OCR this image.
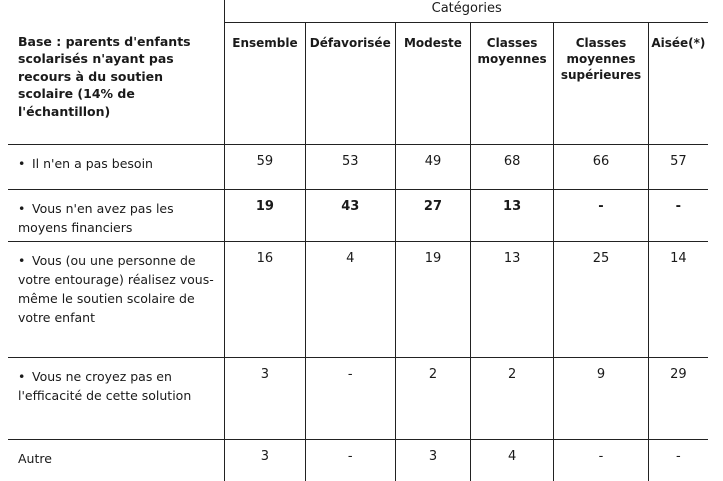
	Catégories					
Base : parents d'enfants scolarisés n'ayant pas recours à du soutien scolaire (14% de l'échantillon)	Ensemble	Défavorisée	Modeste	Classes moyennes	Classes moyennes supérieures	Aisée(*)
• Il n'en a pas besoin	59	53	49	68	66	57
• Vous n'en avez pas les moyens financiers	19	43	27	13	-	-
• Vous (ou une personne de votre entourage) réalisez vous-même le soutien scolaire de votre enfant	16	4	19	13	25	14
• Vous ne croyez pas en l'efficacité de cette solution	3	-	2	2	9	29
Autre	3	-	3	4	-	-
